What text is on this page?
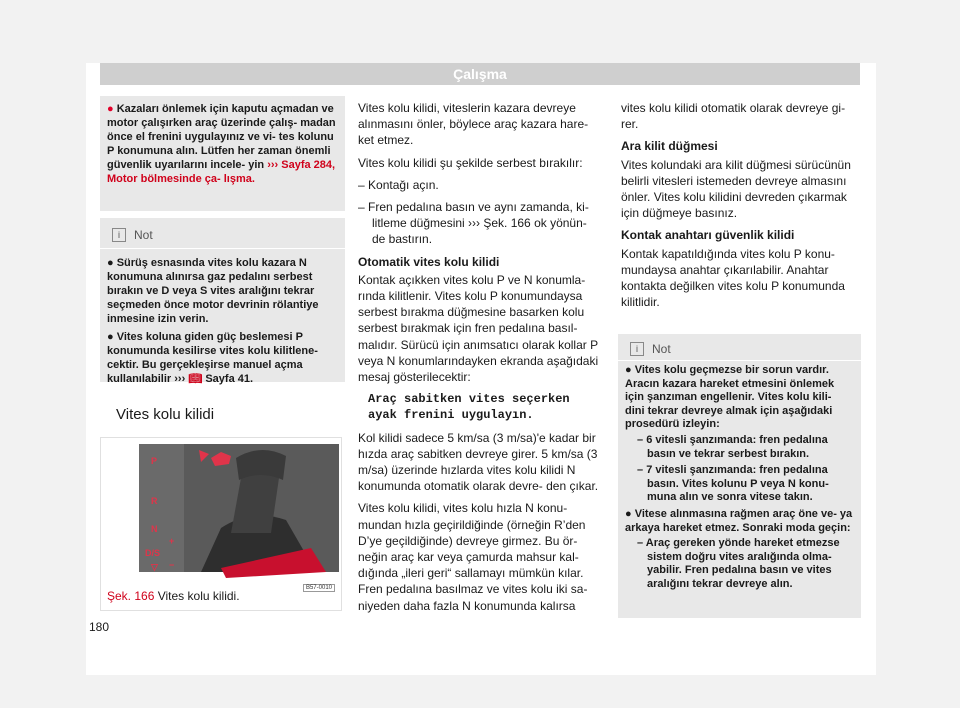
Çalışma
● Kazaları önlemek için kaputu açmadan ve motor çalışırken araç üzerinde çalış- madan önce el frenini uygulayınız ve vi- tes kolunu P konumuna alın. Lütfen her zaman önemli güvenlik uyarılarını incele- yin ››› Sayfa 284, Motor bölmesinde ça- lışma.
i	Not
● Sürüş esnasında vites kolu kazara N konumuna alınırsa gaz pedalını serbest bırakın ve D veya S vites aralığını tekrar seçmeden önce motor devrinin rölantiye inmesine izin verin.
● Vites koluna giden güç beslemesi P konumunda kesilirse vites kolu kilitlene- cektir. Bu gerçekleşirse manuel açma kullanılabilir ››› 📖︎ Sayfa 41.
Vites kolu kilidi
P
R
N
D/S
+
−
▽
B57-0010
Şek. 166 Vites kolu kilidi.

Vites kolu kilidi, viteslerin kazara devreye alınmasını önler, böylece araç kazara hare- ket etmez.

Vites kolu kilidi şu şekilde serbest bırakılır:

– Kontağı açın.

– Fren pedalına basın ve aynı zamanda, ki- litleme düğmesini ››› Şek. 166 ok yönün- de bastırın.

Otomatik vites kolu kilidi

Kontak açıkken vites kolu P ve N konumla- rında kilitlenir. Vites kolu P konumundaysa serbest bırakma düğmesine basarken kolu serbest bırakmak için fren pedalına basıl- malıdır. Sürücü için anımsatıcı olarak kollar P veya N konumlarındayken ekranda aşağıdaki mesaj gösterilecektir:

Araç sabitken vites seçerken ayak frenini uygulayın.

Kol kilidi sadece 5 km/sa (3 m/sa)'e kadar bir hızda araç sabitken devreye girer. 5 km/sa (3 m/sa) üzerinde hızlarda vites kolu kilidi N konumunda otomatik olarak devre- den çıkar.

Vites kolu kilidi, vites kolu hızla N konu- mundan hızla geçirildiğinde (örneğin R’den D’ye geçildiğinde) devreye girmez. Bu ör- neğin araç kar veya çamurda mahsur kal- dığında „ileri geri“ sallamayı mümkün kılar. Fren pedalına basılmaz ve vites kolu iki sa- niyeden daha fazla N konumunda kalırsa

vites kolu kilidi otomatik olarak devreye gi- rer.

Ara kilit düğmesi

Vites kolundaki ara kilit düğmesi sürücünün belirli vitesleri istemeden devreye almasını önler. Vites kolu kilidini devreden çıkarmak için düğmeye basınız.

Kontak anahtarı güvenlik kilidi

Kontak kapatıldığında vites kolu P konu- mundaysa anahtar çıkarılabilir. Anahtar kontakta değilken vites kolu P konumunda kilitlidir.

i	Not
● Vites kolu geçmezse bir sorun vardır. Aracın kazara hareket etmesini önlemek için şanzıman engellenir. Vites kolu kili- dini tekrar devreye almak için aşağıdaki prosedürü izleyin:
– 6 vitesli şanzımanda: fren pedalına basın ve tekrar serbest bırakın.
– 7 vitesli şanzımanda: fren pedalına basın. Vites kolunu P veya N konu- muna alın ve sonra vitese takın.
● Vitese alınmasına rağmen araç öne ve- ya arkaya hareket etmez. Sonraki moda geçin:
– Araç gereken yönde hareket etmezse sistem doğru vites aralığında olma- yabilir. Fren pedalına basın ve vites aralığını tekrar devreye alın.
180
